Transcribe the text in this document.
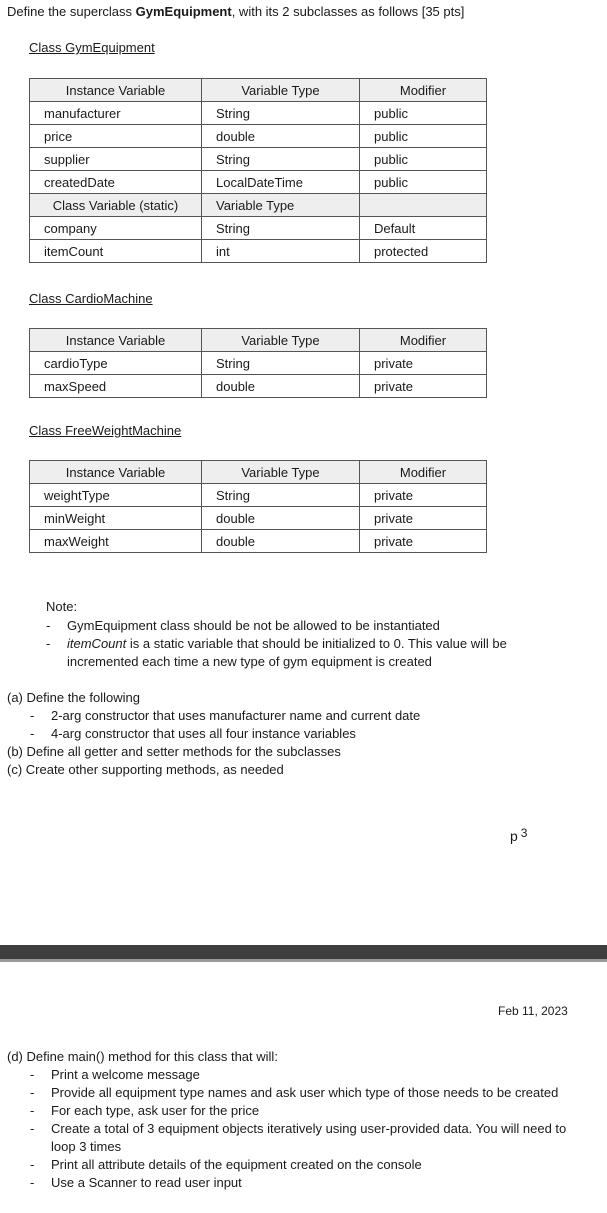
Define the superclass GymEquipment, with its 2 subclasses as follows [35 pts]
Class GymEquipment
Instance Variable	Variable Type	Modifier
manufacturer	String	public
price	double	public
supplier	String	public
createdDate	LocalDateTime	public
Class Variable (static)	Variable Type	
company	String	Default
itemCount	int	protected
Class CardioMachine
Instance Variable	Variable Type	Modifier
cardioType	String	private
maxSpeed	double	private
Class FreeWeightMachine
Instance Variable	Variable Type	Modifier
weightType	String	private
minWeight	double	private
maxWeight	double	private
Note:
- GymEquipment class should be not be allowed to be instantiated
- itemCount is a static variable that should be initialized to 0. This value will be incremented each time a new type of gym equipment is created
(a) Define the following
- 2-arg constructor that uses manufacturer name and current date
- 4-arg constructor that uses all four instance variables
(b) Define all getter and setter methods for the subclasses
(c) Create other supporting methods, as needed
p 3
Feb 11, 2023
(d) Define main() method for this class that will:
- Print a welcome message
- Provide all equipment type names and ask user which type of those needs to be created
- For each type, ask user for the price
- Create a total of 3 equipment objects iteratively using user-provided data. You will need to loop 3 times
- Print all attribute details of the equipment created on the console
- Use a Scanner to read user input
